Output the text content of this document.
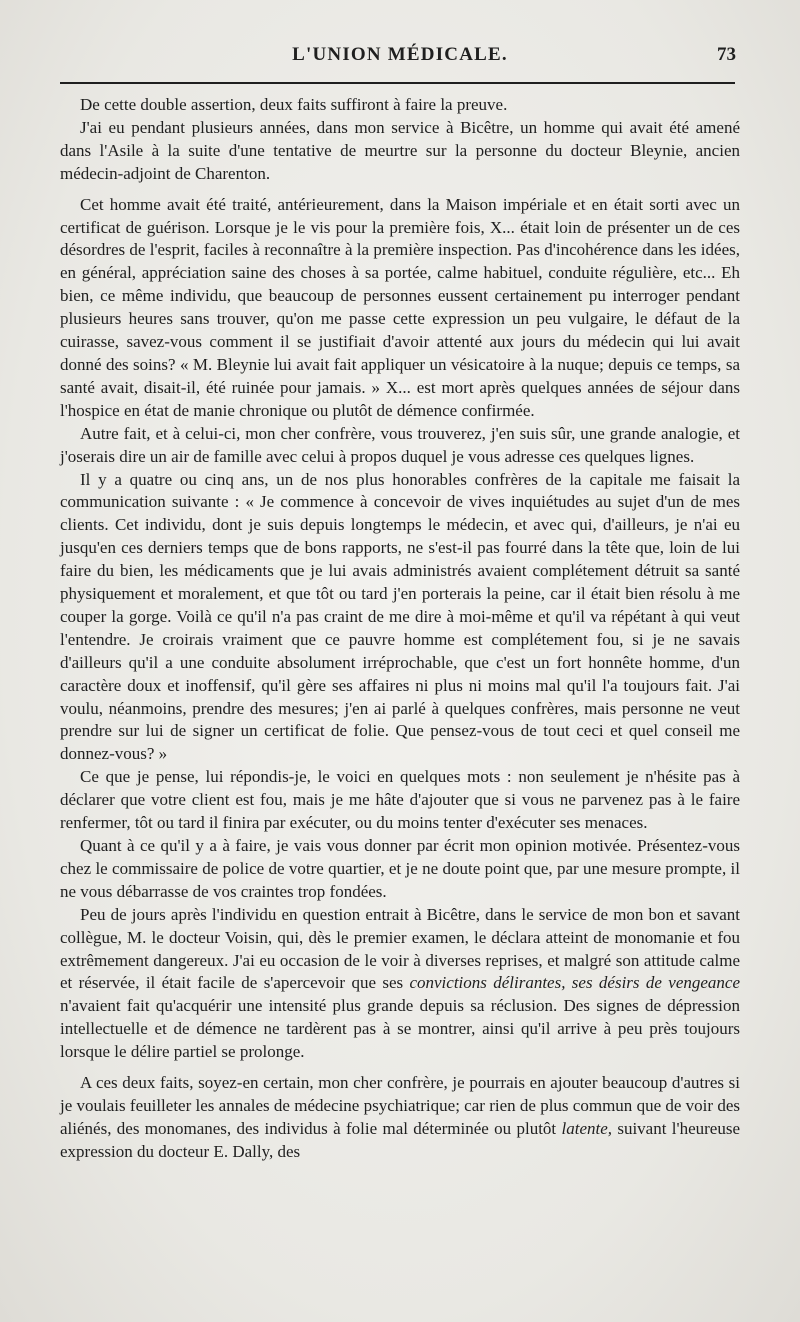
L'UNION MÉDICALE.	73

De cette double assertion, deux faits suffiront à faire la preuve.

J'ai eu pendant plusieurs années, dans mon service à Bicêtre, un homme qui avait été amené dans l'Asile à la suite d'une tentative de meurtre sur la personne du docteur Bleynie, ancien médecin-adjoint de Charenton.

Cet homme avait été traité, antérieurement, dans la Maison impériale et en était sorti avec un certificat de guérison. Lorsque je le vis pour la première fois, X... était loin de présenter un de ces désordres de l'esprit, faciles à reconnaître à la première inspection. Pas d'incohérence dans les idées, en général, appréciation saine des choses à sa portée, calme habituel, conduite régulière, etc... Eh bien, ce même individu, que beaucoup de personnes eussent certainement pu interroger pendant plusieurs heures sans trouver, qu'on me passe cette expression un peu vulgaire, le défaut de la cuirasse, savez-vous comment il se justifiait d'avoir attenté aux jours du médecin qui lui avait donné des soins? « M. Bleynie lui avait fait appliquer un vésicatoire à la nuque; depuis ce temps, sa santé avait, disait-il, été ruinée pour jamais. » X... est mort après quelques années de séjour dans l'hospice en état de manie chronique ou plutôt de démence confirmée.

Autre fait, et à celui-ci, mon cher confrère, vous trouverez, j'en suis sûr, une grande analogie, et j'oserais dire un air de famille avec celui à propos duquel je vous adresse ces quelques lignes.

Il y a quatre ou cinq ans, un de nos plus honorables confrères de la capitale me faisait la communication suivante : « Je commence à concevoir de vives inquiétudes au sujet d'un de mes clients. Cet individu, dont je suis depuis longtemps le médecin, et avec qui, d'ailleurs, je n'ai eu jusqu'en ces derniers temps que de bons rapports, ne s'est-il pas fourré dans la tête que, loin de lui faire du bien, les médicaments que je lui avais administrés avaient complétement détruit sa santé physiquement et moralement, et que tôt ou tard j'en porterais la peine, car il était bien résolu à me couper la gorge. Voilà ce qu'il n'a pas craint de me dire à moi-même et qu'il va répétant à qui veut l'entendre. Je croirais vraiment que ce pauvre homme est complétement fou, si je ne savais d'ailleurs qu'il a une conduite absolument irréprochable, que c'est un fort honnête homme, d'un caractère doux et inoffensif, qu'il gère ses affaires ni plus ni moins mal qu'il l'a toujours fait. J'ai voulu, néanmoins, prendre des mesures; j'en ai parlé à quelques confrères, mais personne ne veut prendre sur lui de signer un certificat de folie. Que pensez-vous de tout ceci et quel conseil me donnez-vous? »

Ce que je pense, lui répondis-je, le voici en quelques mots : non seulement je n'hésite pas à déclarer que votre client est fou, mais je me hâte d'ajouter que si vous ne parvenez pas à le faire renfermer, tôt ou tard il finira par exécuter, ou du moins tenter d'exécuter ses menaces.

Quant à ce qu'il y a à faire, je vais vous donner par écrit mon opinion motivée. Présentez-vous chez le commissaire de police de votre quartier, et je ne doute point que, par une mesure prompte, il ne vous débarrasse de vos craintes trop fondées.

Peu de jours après l'individu en question entrait à Bicêtre, dans le service de mon bon et savant collègue, M. le docteur Voisin, qui, dès le premier examen, le déclara atteint de monomanie et fou extrêmement dangereux. J'ai eu occasion de le voir à diverses reprises, et malgré son attitude calme et réservée, il était facile de s'apercevoir que ses convictions délirantes, ses désirs de vengeance n'avaient fait qu'acquérir une intensité plus grande depuis sa réclusion. Des signes de dépression intellectuelle et de démence ne tardèrent pas à se montrer, ainsi qu'il arrive à peu près toujours lorsque le délire partiel se prolonge.

A ces deux faits, soyez-en certain, mon cher confrère, je pourrais en ajouter beaucoup d'autres si je voulais feuilleter les annales de médecine psychiatrique; car rien de plus commun que de voir des aliénés, des monomanes, des individus à folie mal déterminée ou plutôt latente, suivant l'heureuse expression du docteur E. Dally, des
